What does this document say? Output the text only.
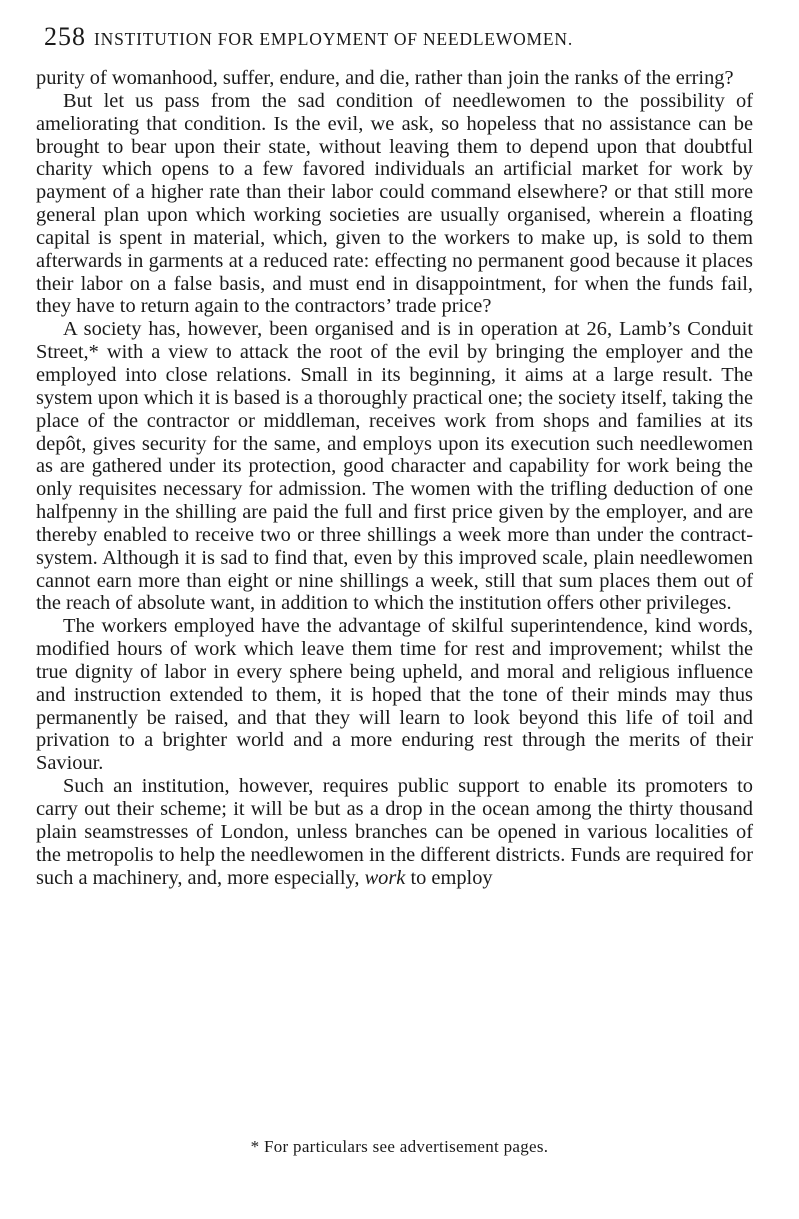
258 INSTITUTION FOR EMPLOYMENT OF NEEDLEWOMEN.

purity of womanhood, suffer, endure, and die, rather than join the ranks of the erring?

But let us pass from the sad condition of needlewomen to the possibility of ameliorating that condition. Is the evil, we ask, so hopeless that no assistance can be brought to bear upon their state, without leaving them to depend upon that doubtful charity which opens to a few favored individuals an artificial market for work by payment of a higher rate than their labor could command elsewhere? or that still more general plan upon which working societies are usually organised, wherein a floating capital is spent in material, which, given to the workers to make up, is sold to them afterwards in garments at a reduced rate: effecting no permanent good because it places their labor on a false basis, and must end in disappointment, for when the funds fail, they have to return again to the contractors’ trade price?

A society has, however, been organised and is in operation at 26, Lamb’s Conduit Street,* with a view to attack the root of the evil by bringing the employer and the employed into close relations. Small in its beginning, it aims at a large result. The system upon which it is based is a thoroughly practical one; the society itself, taking the place of the contractor or middleman, receives work from shops and families at its depôt, gives security for the same, and employs upon its execution such needlewomen as are gathered under its protection, good character and capability for work being the only requisites necessary for admission. The women with the trifling deduction of one halfpenny in the shilling are paid the full and first price given by the employer, and are thereby enabled to receive two or three shillings a week more than under the contract-system. Although it is sad to find that, even by this improved scale, plain needlewomen cannot earn more than eight or nine shillings a week, still that sum places them out of the reach of absolute want, in addition to which the institution offers other privileges.

The workers employed have the advantage of skilful superintendence, kind words, modified hours of work which leave them time for rest and improvement; whilst the true dignity of labor in every sphere being upheld, and moral and religious influence and instruction extended to them, it is hoped that the tone of their minds may thus permanently be raised, and that they will learn to look beyond this life of toil and privation to a brighter world and a more enduring rest through the merits of their Saviour.

Such an institution, however, requires public support to enable its promoters to carry out their scheme; it will be but as a drop in the ocean among the thirty thousand plain seamstresses of London, unless branches can be opened in various localities of the metropolis to help the needlewomen in the different districts. Funds are required for such a machinery, and, more especially, work to employ

* For particulars see advertisement pages.
